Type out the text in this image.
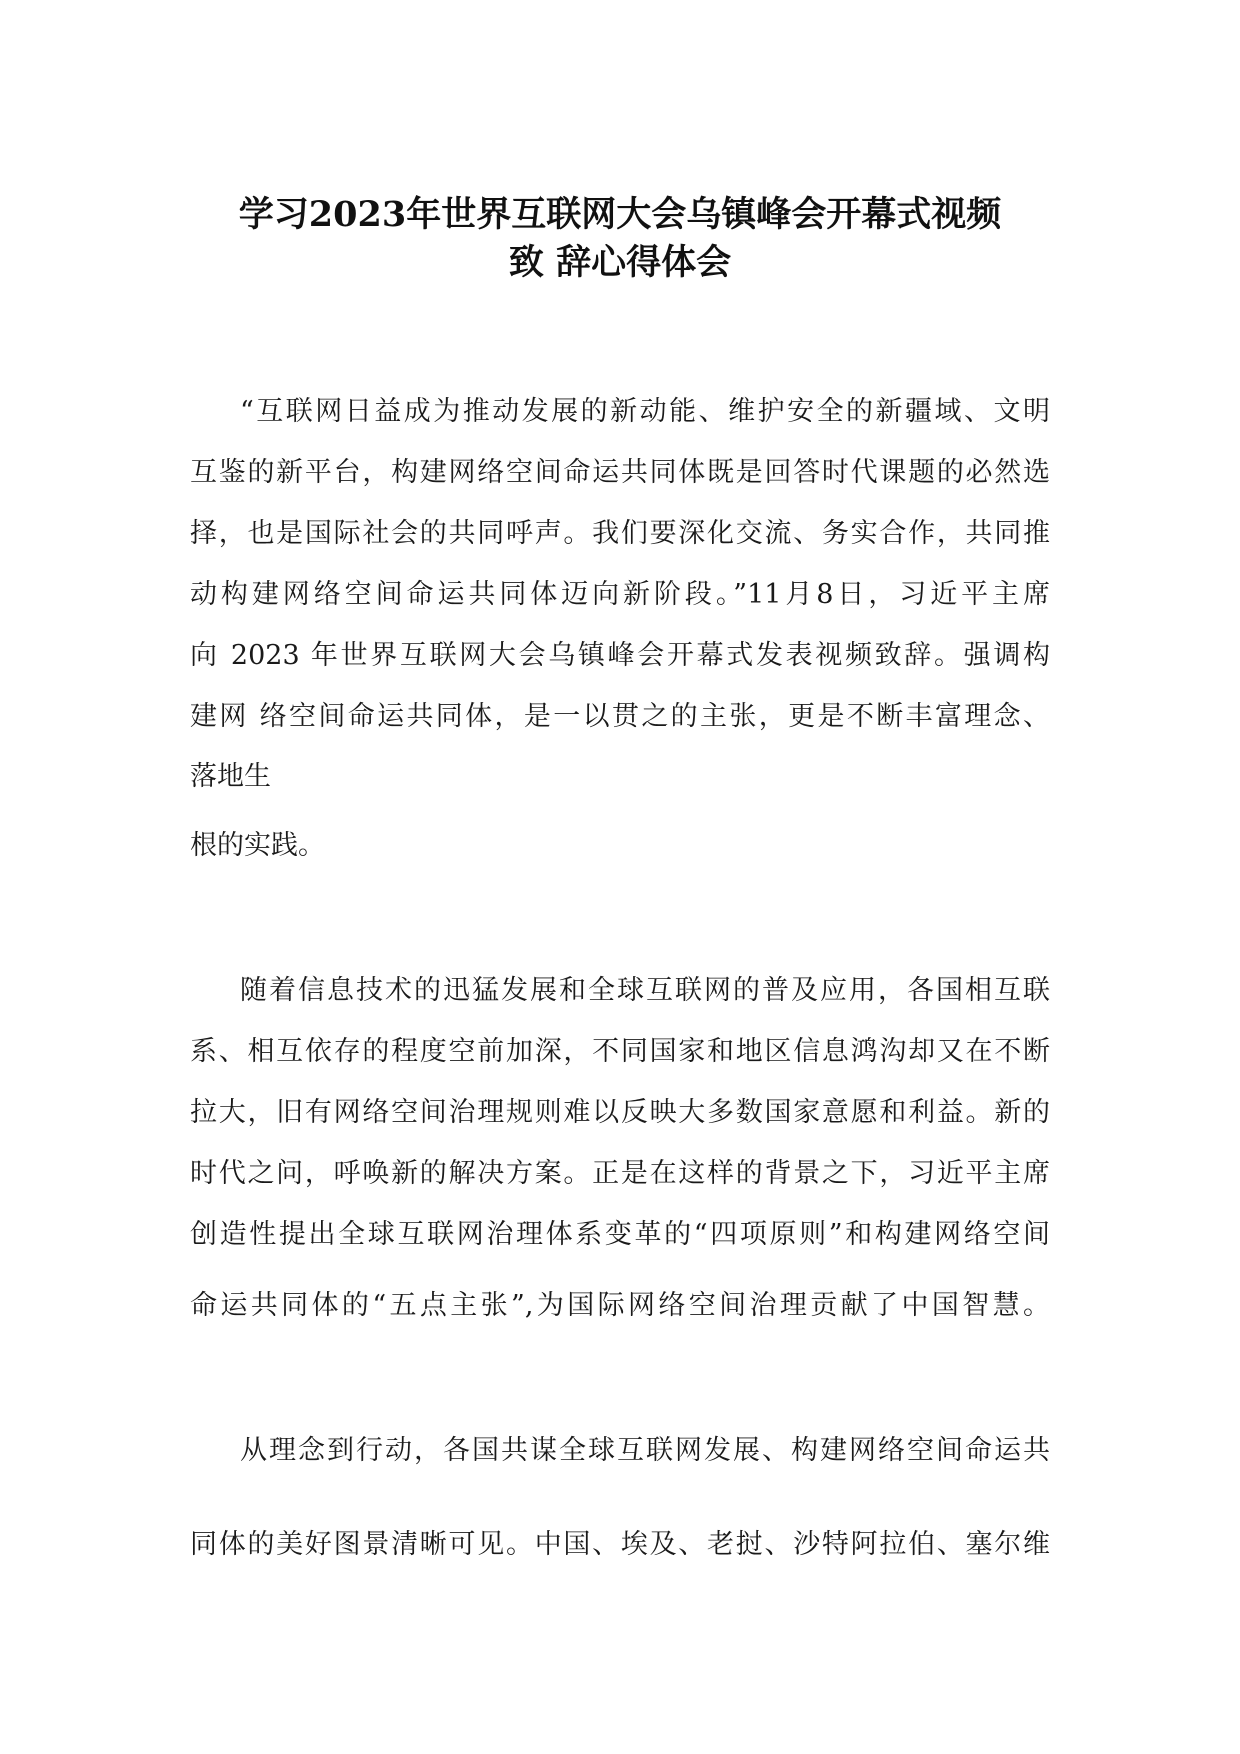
学习2023年世界互联网大会乌镇峰会开幕式视频
致 辞心得体会
“互联网日益成为推动发展的新动能、维护安全的新疆域、文明
互鉴的新平台，构建网络空间命运共同体既是回答时代课题的必然选
择，也是国际社会的共同呼声。我们要深化交流、务实合作，共同推
动构建网络空间命运共同体迈向新阶段。”11月8日，习近平主席
向 2023 年世界互联网大会乌镇峰会开幕式发表视频致辞。强调构
建网 络空间命运共同体，是一以贯之的主张，更是不断丰富理念、
落地生
根的实践。
随着信息技术的迅猛发展和全球互联网的普及应用，各国相互联
系、相互依存的程度空前加深，不同国家和地区信息鸿沟却又在不断
拉大，旧有网络空间治理规则难以反映大多数国家意愿和利益。新的
时代之问，呼唤新的解决方案。正是在这样的背景之下，习近平主席
创造性提出全球互联网治理体系变革的“四项原则”和构建网络空间
命运共同体的“五点主张”,为国际网络空间治理贡献了中国智慧。
从理念到行动，各国共谋全球互联网发展、构建网络空间命运共
同体的美好图景清晰可见。中国、埃及、老挝、沙特阿拉伯、塞尔维
